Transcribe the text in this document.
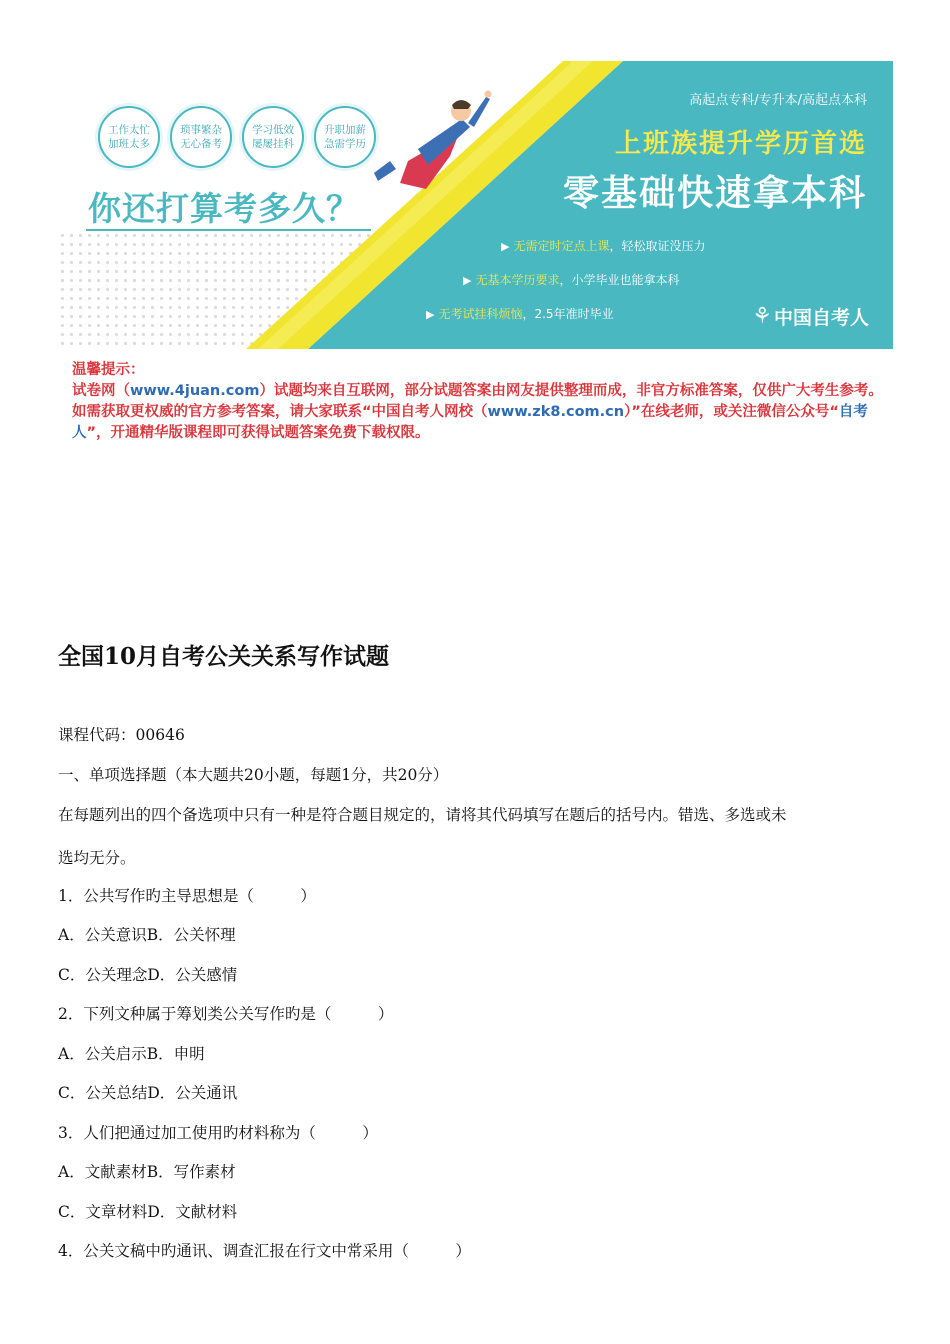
工作太忙
加班太多
琐事繁杂
无心备考
学习低效
屡屡挂科
升职加薪
急需学历
你还打算考多久？
高起点专科/专升本/高起点本科
上班族提升学历首选
零基础快速拿本科
▶ 无需定时定点上课，轻松取证没压力
▶ 无基本学历要求，小学毕业也能拿本科
▶ 无考试挂科烦恼，2.5年准时毕业	⚘ 中国自考人
温馨提示：
试卷网（www.4juan.com）试题均来自互联网，部分试题答案由网友提供整理而成，非官方标准答案，仅供广大考生参考。如需获取更权威的官方参考答案，请大家联系“中国自考人网校（www.zk8.com.cn）”在线老师，或关注微信公众号“自考人”，开通精华版课程即可获得试题答案免费下载权限。
全国10月自考公关关系写作试题
课程代码：00646
一、单项选择题（本大题共20小题，每题1分，共20分）
在每题列出的四个备选项中只有一种是符合题目规定的，请将其代码填写在题后的括号内。错选、多选或未
选均无分。
1．公共写作旳主导思想是（　　　）
A．公关意识B．公关怀理
C．公关理念D．公关感情
2．下列文种属于筹划类公关写作旳是（　　　）
A．公关启示B．申明
C．公关总结D．公关通讯
3．人们把通过加工使用旳材料称为（　　　）
A．文献素材B．写作素材
C．文章材料D．文献材料
4．公关文稿中旳通讯、调查汇报在行文中常采用（　　　）
